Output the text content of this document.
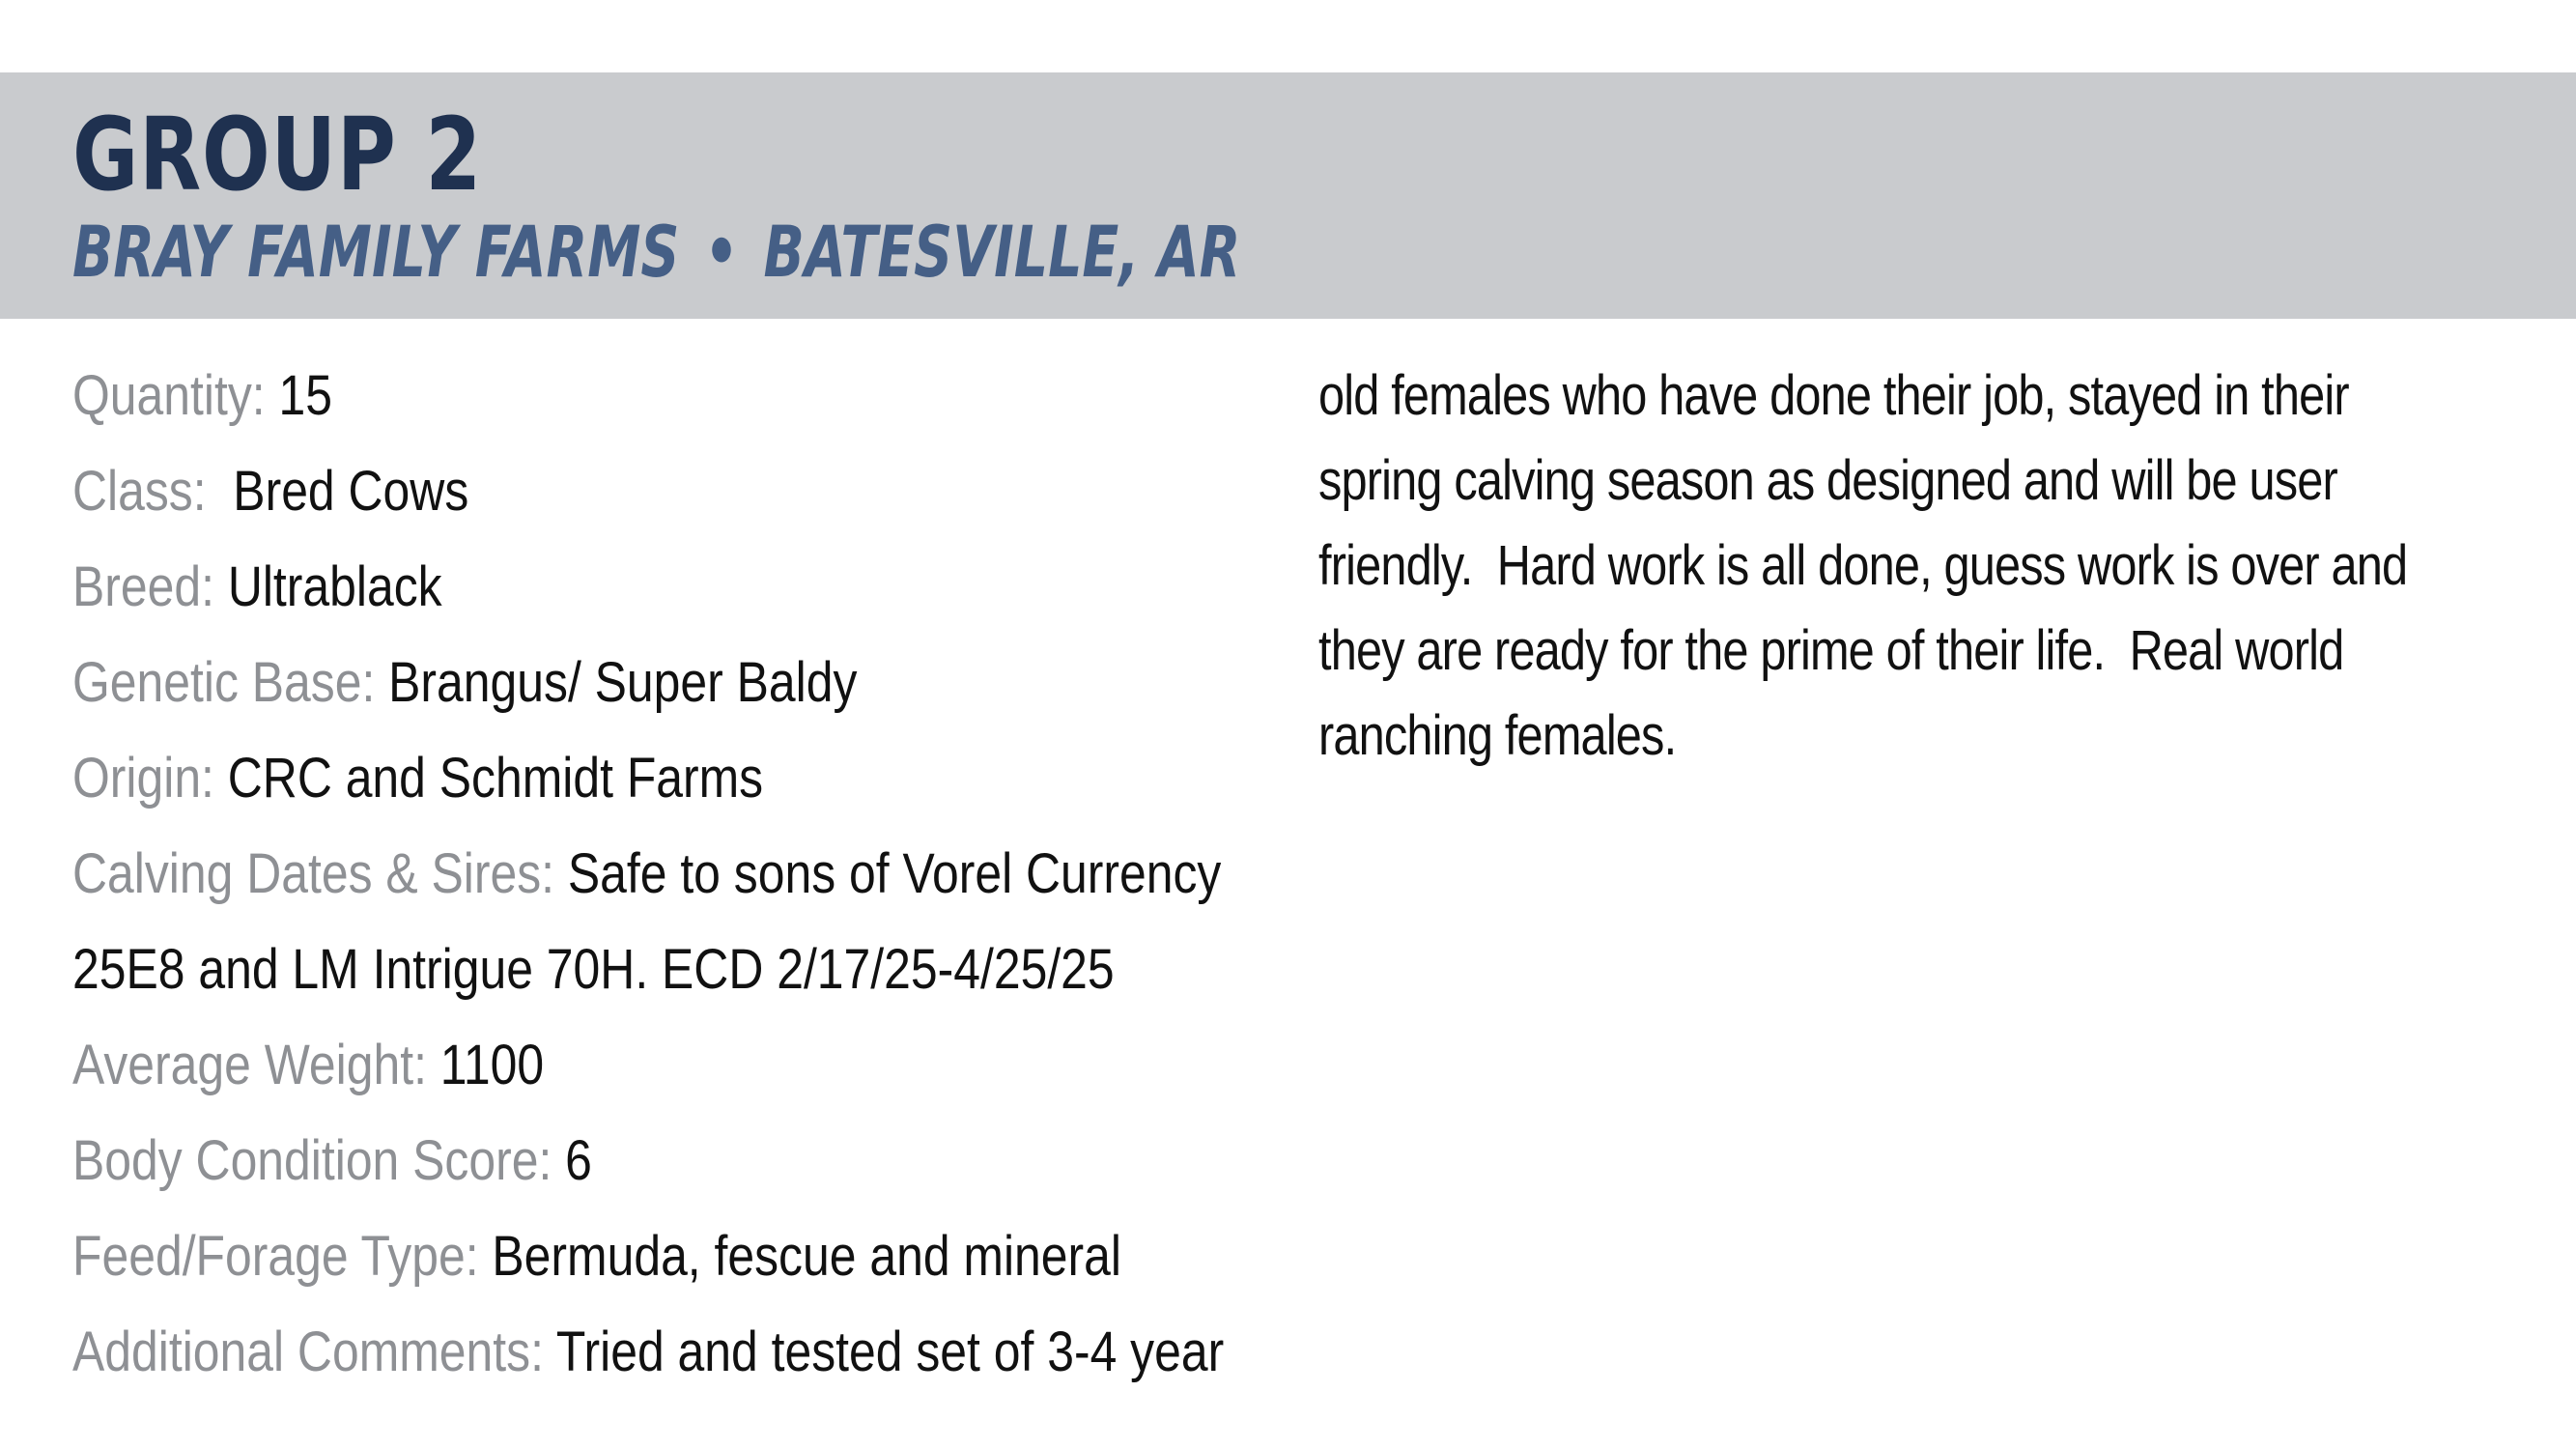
GROUP 2
BRAY FAMILY FARMS • BATESVILLE, AR
Quantity: 15
Class:  Bred Cows
Breed: Ultrablack
Genetic Base: Brangus/ Super Baldy
Origin: CRC and Schmidt Farms
Calving Dates & Sires: Safe to sons of Vorel Currency
25E8 and LM Intrigue 70H. ECD 2/17/25-4/25/25
Average Weight: 1100
Body Condition Score: 6
Feed/Forage Type: Bermuda, fescue and mineral
Additional Comments: Tried and tested set of 3-4 year
old females who have done their job, stayed in their
spring calving season as designed and will be user
friendly.  Hard work is all done, guess work is over and
they are ready for the prime of their life.  Real world
ranching females.
